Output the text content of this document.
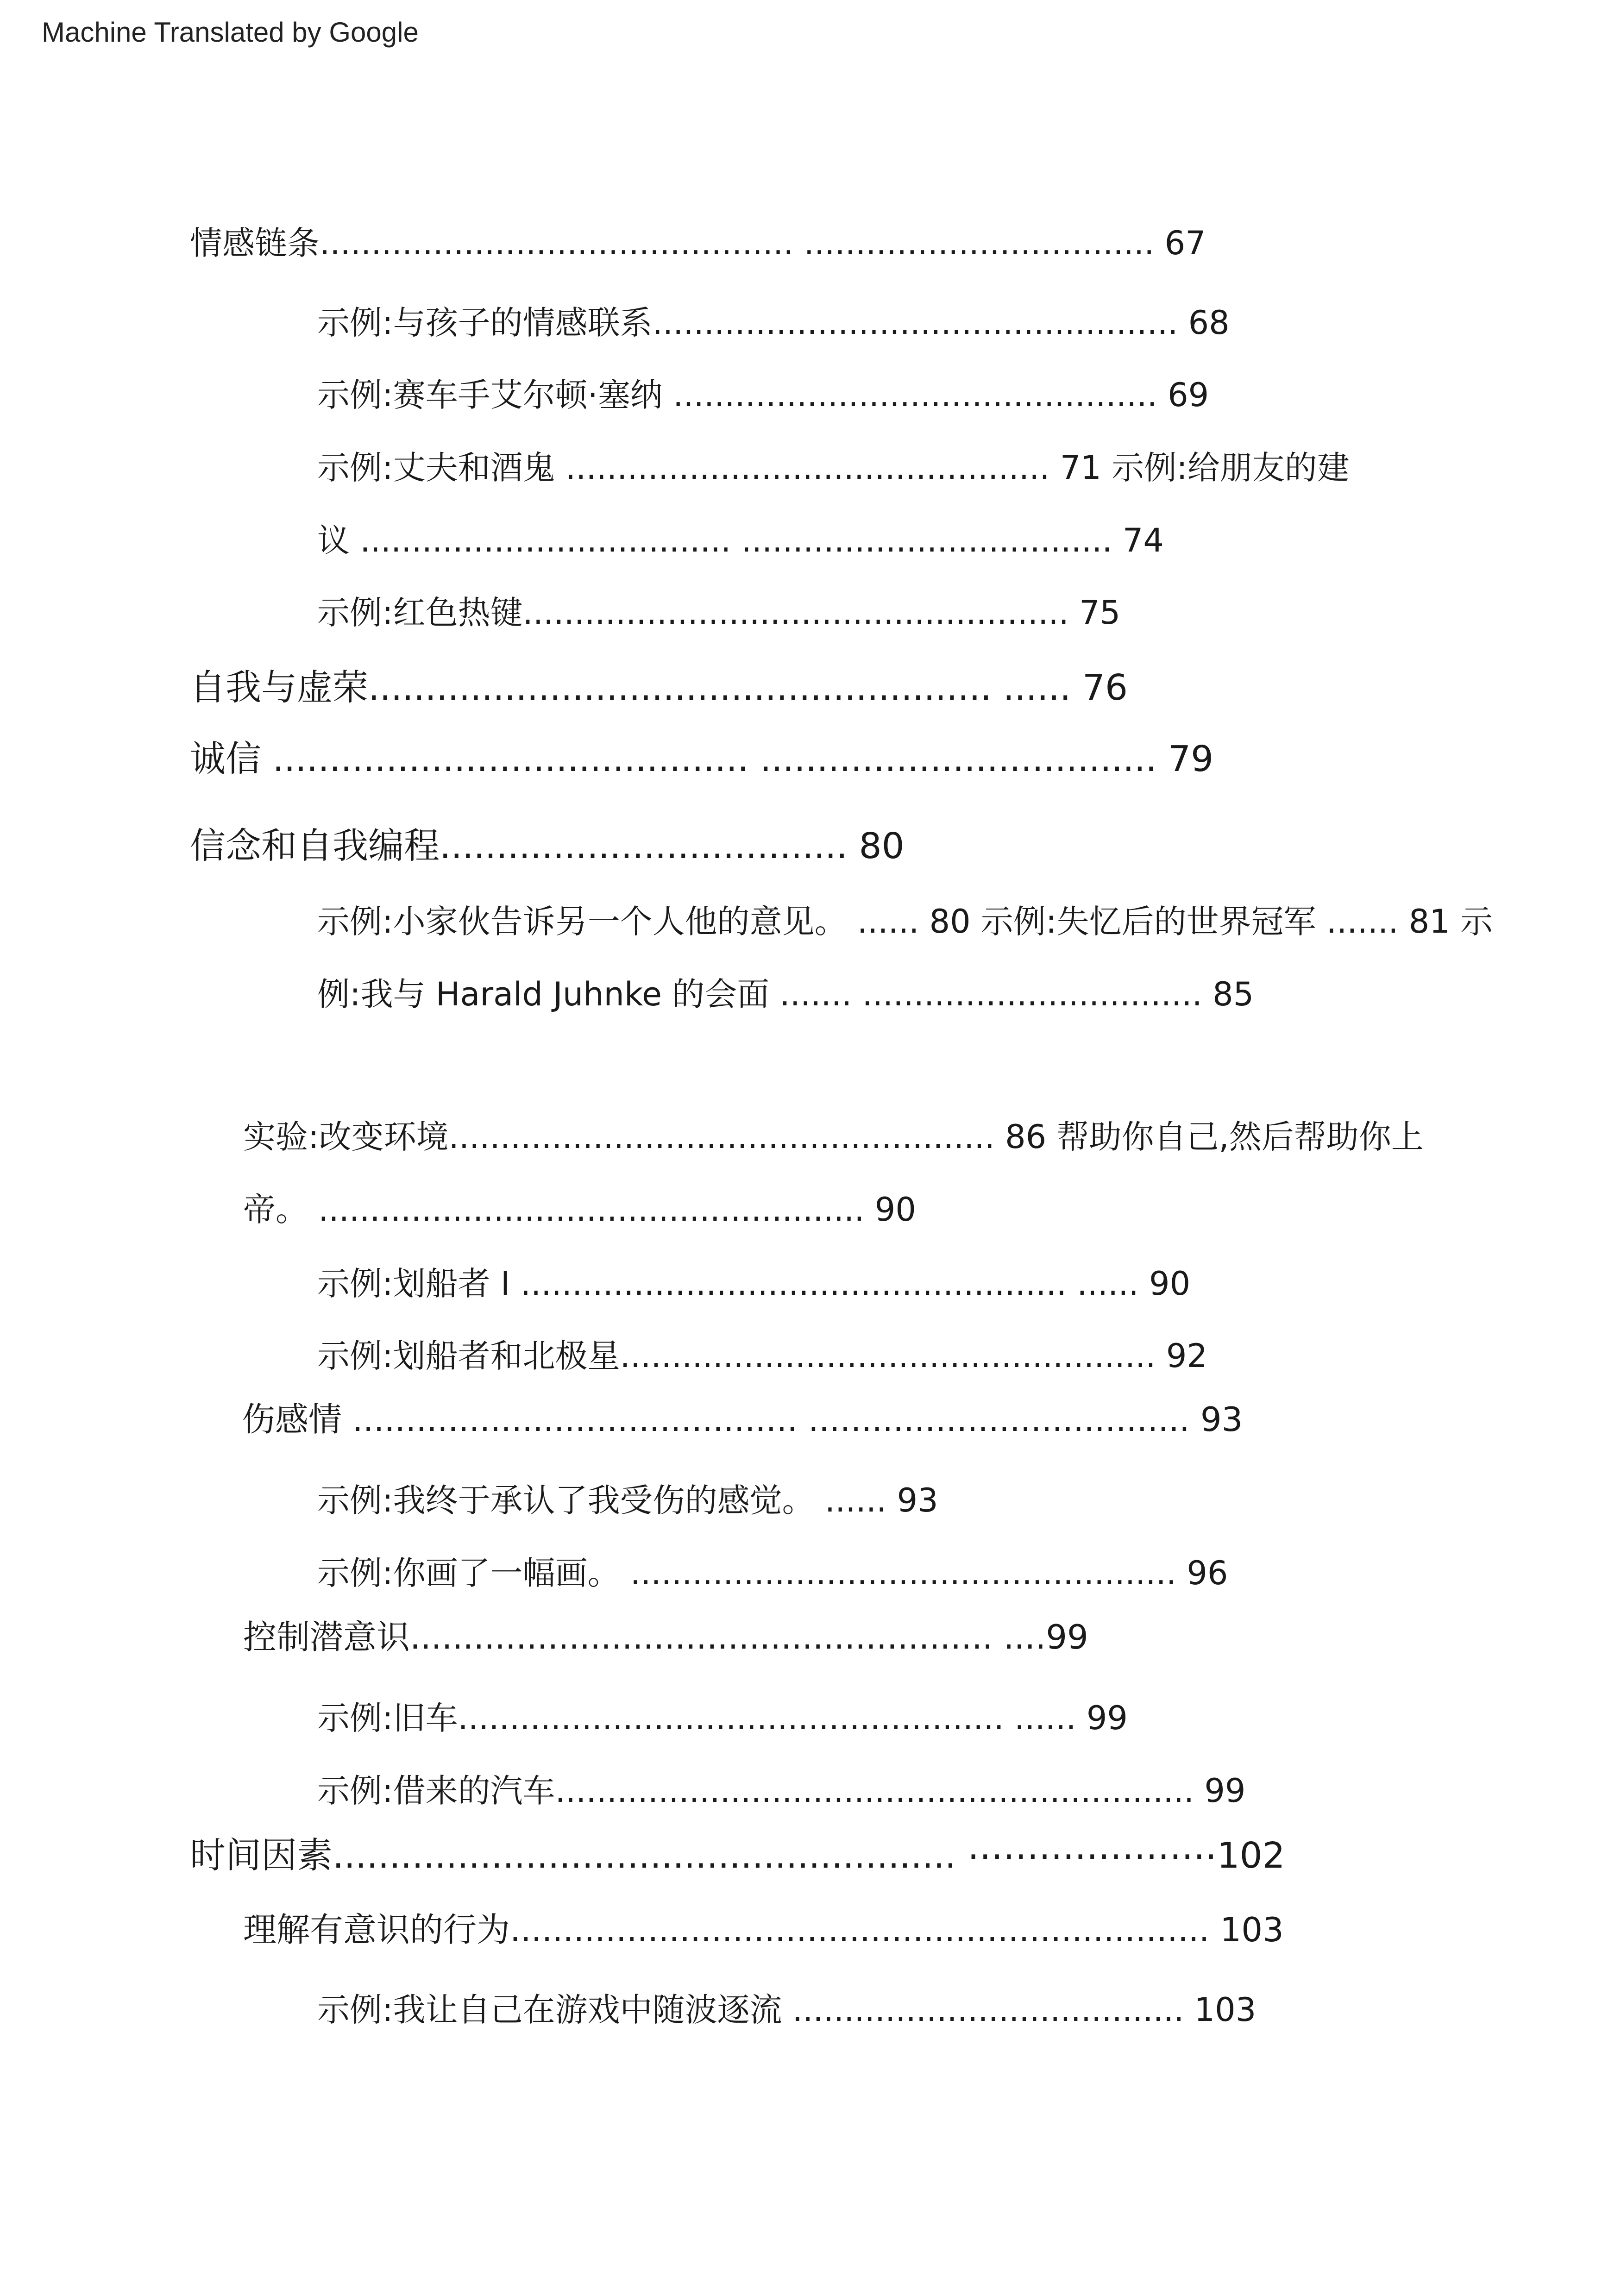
Machine Translated by Google
情感链条.............................................. .................................. 67
示例:与孩子的情感联系................................................... 68
示例:赛车手艾尔顿·塞纳 ............................................... 69
示例:丈夫和酒鬼 ............................................... 71 示例:给朋友的建
议 .................................... .................................... 74
示例:红色热键..................................................... 75
自我与虚荣....................................................... ...... 76
诚信 .......................................... ................................... 79
信念和自我编程.................................... 80
示例:小家伙告诉另一个人他的意见。 ...... 80 示例:失忆后的世界冠军 ....... 81 示
例:我与 Harald Juhnke 的会面 ....... ................................. 85
实验:改变环境..................................................... 86 帮助你自己,然后帮助你上
帝。 ..................................................... 90
示例:划船者 I ..................................................... ...... 90
示例:划船者和北极星.................................................... 92
伤感情 .......................................... .................................... 93
示例:我终于承认了我受伤的感觉。 ...... 93
示例:你画了一幅画。 ..................................................... 96
控制潜意识....................................................... ....99
示例:旧车..................................................... ...... 99
示例:借来的汽车.............................................................. 99
时间因素....................................................... ⋯⋯⋯⋯⋯⋯⋯102
理解有意识的行为.................................................................. 103
示例:我让自己在游戏中随波逐流 ...................................... 103
